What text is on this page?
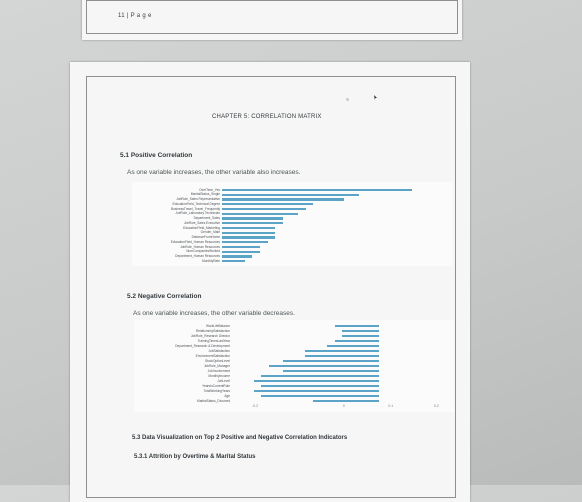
11 | P a g e
CHAPTER 5: CORRELATION MATRIX
5.1 Positive Correlation
As one variable increases, the other variable also increases.
OverTime_Yes
MaritalStatus_Single
JobRole_Sales Representative
EducationField_Technical Degree
BusinessTravel_Travel_Frequently
JobRole_Laboratory Technician
Department_Sales
JobRole_Sales Executive
EducationField_Marketing
Gender_Male
DistanceFromHome
EducationField_Human Resources
JobRole_Human Resources
NumCompaniesWorked
Department_Human Resources
MonthlyRate
5.2 Negative Correlation
As one variable increases, the other variable decreases.
WorkLifeBalance
RelationshipSatisfaction
JobRole_Research Director
TrainingTimesLastYear
Department_Research & Development
JobSatisfaction
EnvironmentSatisfaction
StockOptionLevel
JobRole_Manager
JobInvolvement
MonthlyIncome
JobLevel
YearsInCurrentRole
TotalWorkingYears
Age
MaritalStatus_Divorced
-0.2	0	0.1	0.2
5.3 Data Visualization on Top 2 Positive and Negative Correlation Indicators
5.3.1 Attrition by Overtime & Marital Status
